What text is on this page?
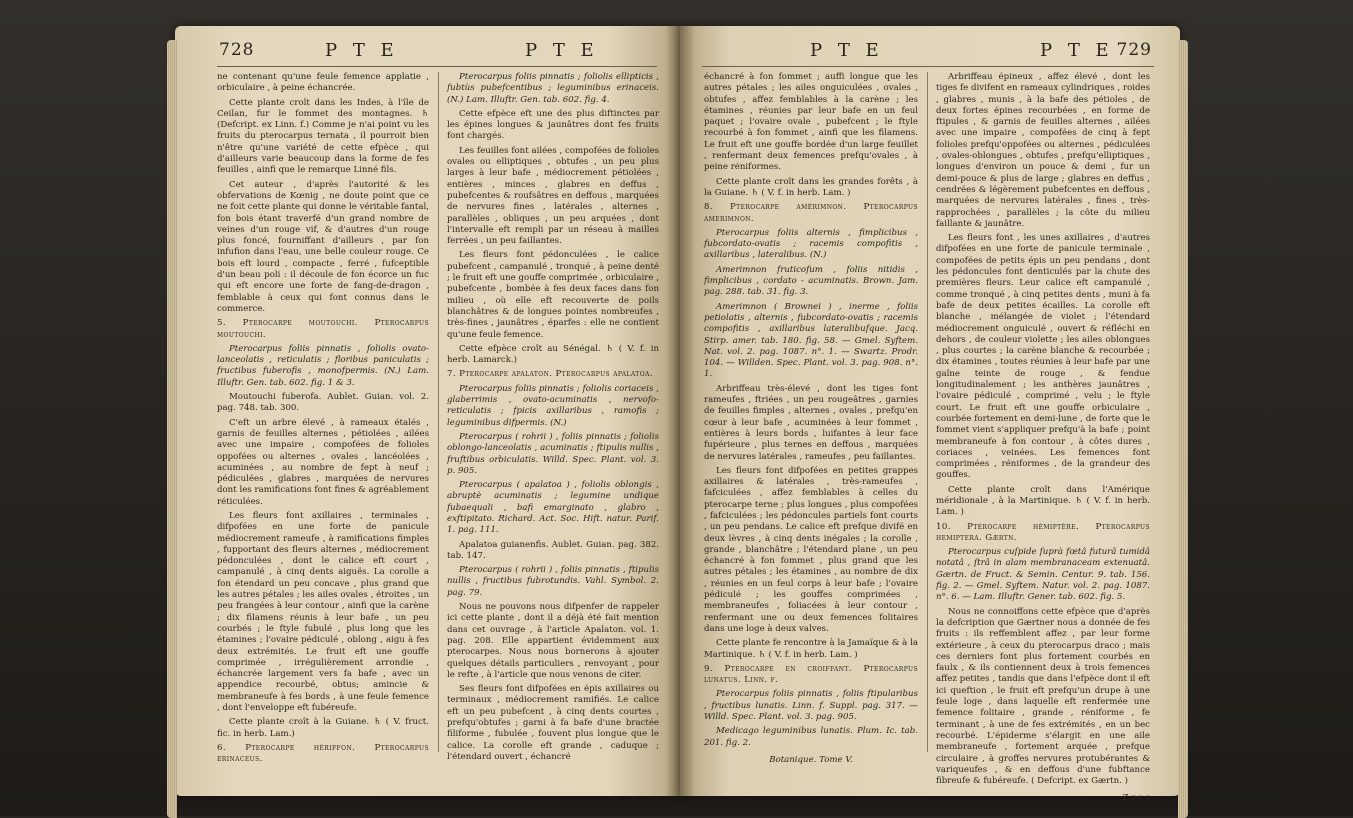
728	P T E	P T E

ne contenant qu'une feule femence applatie , orbiculaire , à peine échancrée.

Cette plante croît dans les Indes, à l'île de Ceilan, fur le fommet des montagnes. ♄ (Defcript. ex Linn. f.) Comme je n'ai point vu les fruits du pterocarpus ternata , il pourroit bien n'être qu'une variété de cette efpèce , qui d'ailleurs varie beaucoup dans la forme de fes feuilles , ainfi que le remarque Linné fils.

Cet auteur , d'après l'autorité & les obfervations de Kœnig , ne doute point que ce ne foit cette plante qui donne le véritable fantal, fon bois étant traverfé d'un grand nombre de veines d'un rouge vif, & d'autres d'un rouge plus foncé, fourniffant d'ailleurs , par fon infufion dans l'eau, une belle couleur rouge. Ce bois eft lourd , compacte , ferré , fufceptible d'un beau poli : il découle de fon écorce un fuc qui eft encore une forte de fang-de-dragon , femblable à ceux qui font connus dans le commerce.

5. Pterocarpe moutouchi. Pterocarpus moutouchi.

Pterocarpus foliis pinnatis , foliolis ovato-lanceolatis , reticulatis ; floribus paniculatis ; fructibus fuberofis , monofpermis. (N.) Lam. Illuftr. Gen. tab. 602. fig. 1 & 3.

Moutouchi fuberofa. Aublet. Guian. vol. 2. pag. 748. tab. 300.

C'eft un arbre élevé , à rameaux étalés , garnis de feuilles alternes , pétiolées , ailées avec une impaire , compofées de folioles oppofées ou alternes , ovales , lancéolées , acuminées , au nombre de fept à neuf ; pédiculées , glabres , marquées de nervures dont les ramifications font fines & agréablement réticulées.

Les fleurs font axillaires , terminales , difpofées en une forte de panicule médiocrement rameufe , à ramifications fimples , fupportant des fleurs alternes , médiocrement pédonculées , dont le calice eft court , campanulé , à cinq dents aiguës. La corolle a fon étendard un peu concave , plus grand que les autres pétales ; les ailes ovales , étroites , un peu frangées à leur contour , ainfi que la carène ; dix filamens réunis à leur bafe , un peu courbés ; le ftyle fubulé , plus long que les étamines ; l'ovaire pédiculé , oblong , aigu à fes deux extrémités. Le fruit eft une gouffe comprimée , irrégulièrement arrondie , échancrée largement vers fa bafe , avec un appendice recourbé, obtus; amincie & membraneufe à fes bords , à une feule femence , dont l'enveloppe eft fubéreufe.

Cette plante croît à la Guiane. ♄ ( V. fruct. fic. in herb. Lam.)

6. Pterocarpe hériffon. Pterocarpus erinaceus.

Pterocarpus foliis pinnatis ; foliolis ellipticis , fubtùs pubefcentibus ; leguminibus erinaceis. (N.) Lam. Illuftr. Gen. tab. 602. fig. 4.

Cette efpèce eft une des plus diftinctes par les épines longues & jaunâtres dont fes fruits font chargés.

Les feuilles font ailées , compofées de folioles ovales ou elliptiques , obtufes , un peu plus larges à leur bafe , médiocrement pétiolées , entières , minces , glabres en deffus , pubefcentes & roufsâtres en deffous , marquées de nervures fines , latérales , alternes , parallèles , obliques , un peu arquées , dont l'intervalle eft rempli par un réseau à mailles ferrées , un peu faillantes.

Les fleurs font pédonculées , le calice pubefcent , campanulé , tronqué , à peine denté ; le fruit eft une gouffe comprimée , orbiculaire , pubefcente , bombée à fes deux faces dans fon milieu , où elle eft recouverte de poils blanchâtres & de longues pointes nombreufes , très-fines , jaunâtres , éparfes : elle ne contient qu'une feule femence.

Cette efpèce croît au Sénégal. ♄ ( V. f. in herb. Lamarck.)

7. Pterocarpe apalaton. Pterocarpus apalatoa.

Pterocarpus foliis pinnatis ; foliolis coriaceis , glaberrimis , ovato-acuminatis , nervofo-reticulatis ; fpicis axillaribus , ramofis ; leguminibus difpermis. (N.)

Pterocarpus ( rohrii ) , foliis pinnatis ; foliolis oblongo-lanceolatis , acuminatis ; ftipulis nullis , fruftibus orbiculatis. Willd. Spec. Plant. vol. 3. p. 905.

Pterocarpus ( apalatoa ) , foliolis oblongis , abruptè acuminatis ; legumine undique fubaequali , bafi emarginato , glabro , exftipitato. Richard. Act. Soc. Hift. natur. Parif. 1. pag. 111.

Apalatoa guianenfis. Aublet. Guian. pag. 382. tab. 147.

Pterocarpus ( rohrii ) , foliis pinnatis , ftipulis nullis , fructibus fubrotundis. Vahl. Symbol. 2. pag. 79.

Nous ne pouvons nous difpenfer de rappeler ici cette plante , dont il a déjà été fait mention dans cet ouvrage , à l'article Apalaton. vol. 1. pag. 208. Elle appartient évidemment aux pterocarpes. Nous nous bornerons à ajouter quelques détails particuliers , renvoyant , pour le refte , à l'article que nous venons de citer.

Ses fleurs font difpofées en épis axillaires ou terminaux , médiocrement ramifiés. Le calice eft un peu pubefcent , à cinq dents courtes , prefqu'obtufes ; garni à fa bafe d'une bractée filiforme , fubulée , fouvent plus longue que le calice. La corolle eft grande , caduque ; l'étendard ouvert , échancré

P T E	P T E 729

échancré à fon fommet ; auffi longue que les autres pétales ; les ailes onguiculées , ovales , obtufes , affez femblables à la carène ; les étamines , réunies par leur bafe en un feul paquet ; l'ovaire ovale , pubefcent ; le ftyle recourbé à fon fommet , ainfi que les filamens. Le fruit eft une gouffe bordée d'un large feuillet , renfermant deux femences prefqu'ovales , à peine réniformes.

Cette plante croît dans les grandes forêts , à la Guiane. ♄ ( V. f. in herb. Lam. )

8. Pterocarpe amérimnon. Pterocarpus amerimnon.

Pterocarpus foliis alternis , fimplicibus , fubcordato-ovatis ; racemis compofitis , axillaribus , lateralibus. (N.)

Amerimnon fruticofum , foliis nitidis , fimplicibus , cordato - acuminatis. Brown. Jam. pag. 288. tab. 31. fig. 3.

Amerimnon ( Brownei ) , inerme , foliis petiolatis , alternis , fubcordato-ovatis ; racemis compofitis , axillaribus lateralibufque. Jacq. Stirp. amer. tab. 180. fig. 58. — Gmel. Syftem. Nat. vol. 2. pag. 1087. n°. 1. — Swartz. Prodr. 104. — Willden. Spec. Plant. vol. 3. pag. 908. n°. 1.

Arbriffeau très-élevé , dont les tiges font rameufes , ftriées , un peu rougeâtres , garnies de feuilles fimples , alternes , ovales , prefqu'en cœur à leur bafe , acuminées à leur fommet , entières à leurs bords , luifantes à leur face fupérieure , plus ternes en deffous , marquées de nervures latérales , rameufes , peu faillantes.

Les fleurs font difpofées en petites grappes axillaires & latérales , très-rameufes , fafciculées , affez femblables à celles du pterocarpe terne ; plus longues , plus compofées , fafciculées ; les pédoncules partiels font courts , un peu pendans. Le calice eft prefque divifé en deux lèvres , à cinq dents inégales ; la corolle , grande , blanchâtre ; l'étendard plane , un peu échancré à fon fommet , plus grand que les autres pétales ; les étamines , au nombre de dix , réunies en un feul corps à leur bafe ; l'ovaire pédiculé ; les gouffes comprimées , membraneufes , foliacées à leur contour , renfermant une ou deux femences folitaires dans une loge à deux valves.

Cette plante fe rencontre à la Jamaïque & à la Martinique. ♄ ( V. f. in herb. Lam. )

9. Pterocarpe en croiffant. Pterocarpus lunatus. Linn. f.

Pterocarpus foliis pinnatis , foliis ftipularibus , fructibus lunatis. Linn. f. Suppl. pag. 317. — Willd. Spec. Plant. vol. 3. pag. 905.

Medicago leguminibus lunatis. Plum. Ic. tab. 201. fig. 2.

Botanique. Tome V.

Arbriffeau épineux , affez élevé , dont les tiges fe divifent en rameaux cylindriques , roides , glabres , munis , à la bafe des pétioles , de deux fortes épines recourbées , en forme de ftipules , & garnis de feuilles alternes , ailées avec une impaire , compofées de cinq à fept folioles prefqu'oppofées ou alternes , pédiculées , ovales-oblongues , obtufes , prefqu'elliptiques , longues d'environ un pouce & demi , fur un demi-pouce & plus de large ; glabres en deffus , cendrées & légèrement pubefcentes en deffous , marquées de nervures latérales , fines , très-rapprochées , parallèles ; la côte du milieu faillante & jaunâtre.

Les fleurs font , les unes axillaires , d'autres difpofées en une forte de panicule terminale , compofées de petits épis un peu pendans , dont les pédoncules font denticulés par la chute des premières fleurs. Leur calice eft campanulé , comme tronqué , à cinq petites dents , muni à fa bafe de deux petites écailles. La corolle eft blanche , mélangée de violet ; l'étendard médiocrement onguiculé , ouvert & réfléchi en dehors , de couleur violette ; les ailes oblongues , plus courtes ; la carène blanche & recourbée ; dix étamines , toutes réunies à leur bafe par une gaîne teinte de rouge , & fendue longitudinalement ; les anthères jaunâtres , l'ovaire pédiculé , comprimé , velu ; le ftyle court. Le fruit eft une gouffe orbiculaire , courbée fortement en demi-lune , de forte que le fommet vient s'appliquer prefqu'à la bafe ; point membraneufe à fon contour , à côtes dures , coriaces , veinées. Les femences font comprimées , réniformes , de la grandeur des gouffes.

Cette plante croît dans l'Amérique méridionale , à la Martinique. ♄ ( V. f. in herb. Lam. )

10. Pterocarpe hémiptère. Pterocarpus hemiptera. Gærtn.

Pterocarpus cuſpide ſuprà fœtâ futurâ tumidâ notatâ , ſtrâ in alam membranaceam extenuatâ. Gærtn. de Fruct. & Semin. Centur. 9. tab. 156. fig. 2. — Gmel. Syftem. Natur. vol. 2. pag. 1087. n°. 6. — Lam. Illuftr. Gener. tab. 602. fig. 5.

Nous ne connoiffons cette efpèce que d'après la defcription que Gærtner nous a donnée de fes fruits : ils reffemblent affez , par leur forme extérieure , à ceux du pterocarpus draco ; mais ces derniers font plus fortement courbés en faulx , & ils contiennent deux à trois femences affez petites , tandis que dans l'efpèce dont il eft ici queftion , le fruit eft prefqu'un drupe à une feule loge , dans laquelle eft renfermée une femence folitaire , grande , réniforme , fe terminant , à une de fes extrémités , en un bec recourbé. L'épiderme s'élargit en une aile membraneufe , fortement arquée , prefque circulaire , à groffes nervures protubérantes & variqueufes , & en deffous d'une fubftance fibreufe & fubéreufe. ( Defcript. ex Gærtn. )

Z z z z
